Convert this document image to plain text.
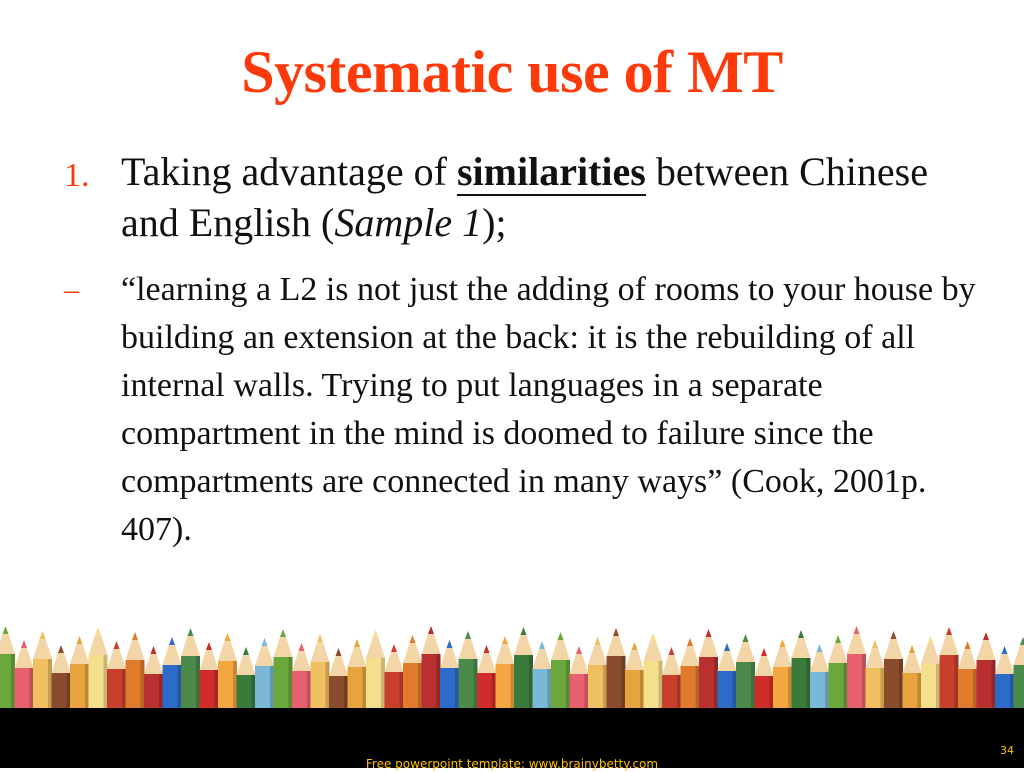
Systematic use of MT
1. Taking advantage of similarities between Chinese and English (Sample 1);
– “learning a L2 is not just the adding of rooms to your house by building an extension at the back: it is the rebuilding of all internal walls. Trying to put languages in a separate compartment in the mind is doomed to failure since the compartments are connected in many ways” (Cook, 2001p. 407).
Free powerpoint template: www.brainybetty.com
34
